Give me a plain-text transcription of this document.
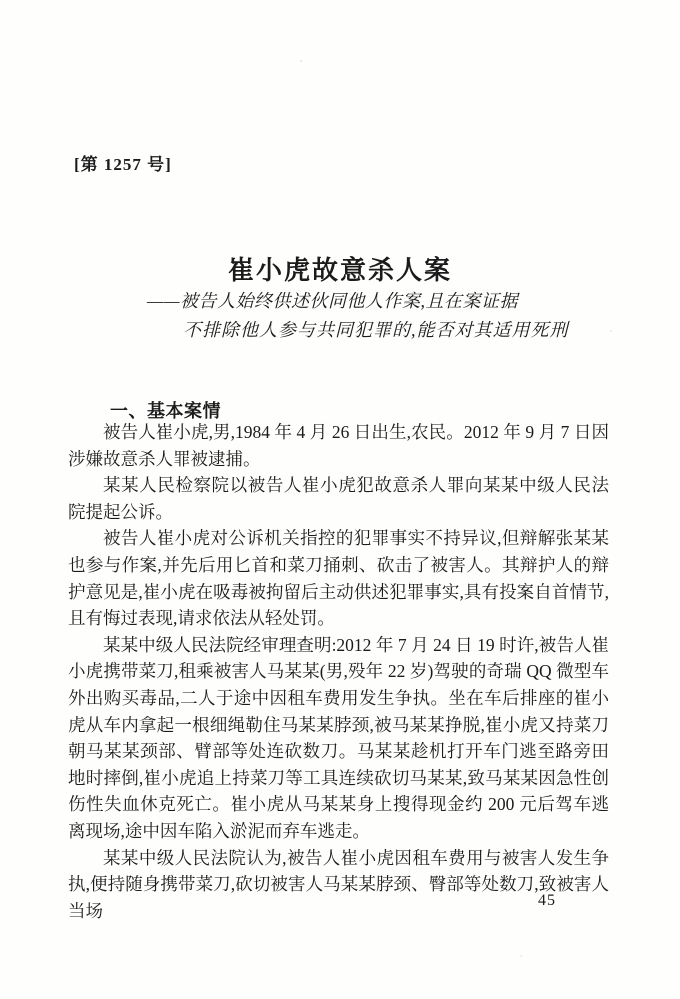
[第 1257 号]
崔小虎故意杀人案
——被告人始终供述伙同他人作案,且在案证据
不排除他人参与共同犯罪的,能否对其适用死刑
一、基本案情

被告人崔小虎,男,1984 年 4 月 26 日出生,农民。2012 年 9 月 7 日因涉嫌故意杀人罪被逮捕。

某某人民检察院以被告人崔小虎犯故意杀人罪向某某中级人民法院提起公诉。

被告人崔小虎对公诉机关指控的犯罪事实不持异议,但辩解张某某也参与作案,并先后用匕首和菜刀捅刺、砍击了被害人。其辩护人的辩护意见是,崔小虎在吸毒被拘留后主动供述犯罪事实,具有投案自首情节,且有悔过表现,请求依法从轻处罚。

某某中级人民法院经审理查明:2012 年 7 月 24 日 19 时许,被告人崔小虎携带菜刀,租乘被害人马某某(男,殁年 22 岁)驾驶的奇瑞 QQ 微型车外出购买毒品,二人于途中因租车费用发生争执。坐在车后排座的崔小虎从车内拿起一根细绳勒住马某某脖颈,被马某某挣脱,崔小虎又持菜刀朝马某某颈部、臂部等处连砍数刀。马某某趁机打开车门逃至路旁田地时摔倒,崔小虎追上持菜刀等工具连续砍切马某某,致马某某因急性创伤性失血休克死亡。崔小虎从马某某身上搜得现金约 200 元后驾车逃离现场,途中因车陷入淤泥而弃车逃走。

某某中级人民法院认为,被告人崔小虎因租车费用与被害人发生争执,便持随身携带菜刀,砍切被害人马某某脖颈、臀部等处数刀,致被害人当场

45
